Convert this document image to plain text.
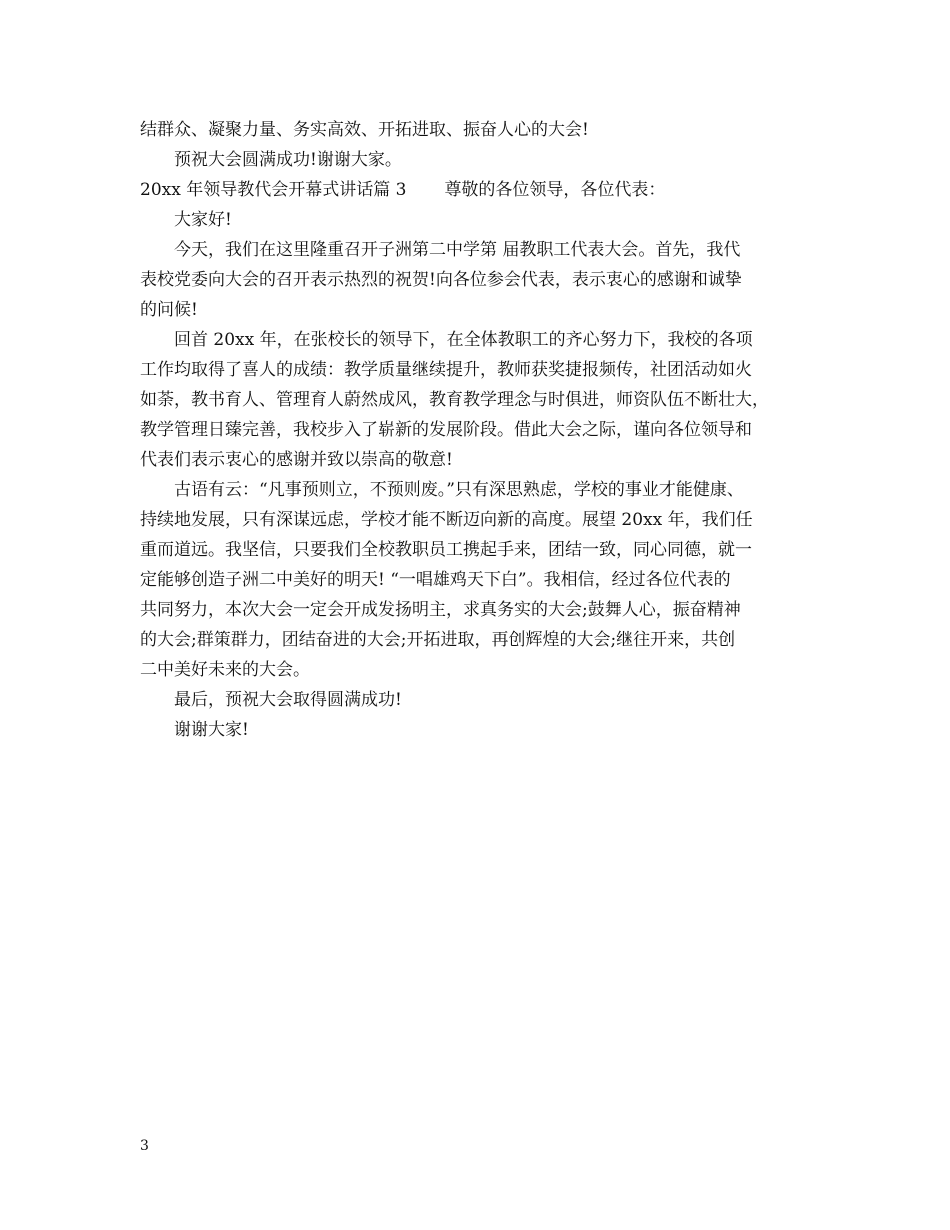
结群众、凝聚力量、务实高效、开拓进取、振奋人心的大会!
预祝大会圆满成功!谢谢大家。
20xx 年领导教代会开幕式讲话篇 3 尊敬的各位领导，各位代表：
大家好!
今天，我们在这里隆重召开子洲第二中学第 届教职工代表大会。首先，我代
表校党委向大会的召开表示热烈的祝贺!向各位参会代表，表示衷心的感谢和诚挚
的问候!
回首 20xx 年，在张校长的领导下，在全体教职工的齐心努力下，我校的各项
工作均取得了喜人的成绩：教学质量继续提升，教师获奖捷报频传，社团活动如火
如荼，教书育人、管理育人蔚然成风，教育教学理念与时俱进，师资队伍不断壮大，
教学管理日臻完善，我校步入了崭新的发展阶段。借此大会之际，谨向各位领导和
代表们表示衷心的感谢并致以崇高的敬意!
古语有云：“凡事预则立，不预则废。”只有深思熟虑，学校的事业才能健康、
持续地发展，只有深谋远虑，学校才能不断迈向新的高度。展望 20xx 年，我们任
重而道远。我坚信，只要我们全校教职员工携起手来，团结一致，同心同德，就一
定能够创造子洲二中美好的明天! “一唱雄鸡天下白”。我相信，经过各位代表的
共同努力，本次大会一定会开成发扬明主，求真务实的大会;鼓舞人心，振奋精神
的大会;群策群力，团结奋进的大会;开拓进取，再创辉煌的大会;继往开来，共创
二中美好未来的大会。
最后，预祝大会取得圆满成功!
谢谢大家!
3
